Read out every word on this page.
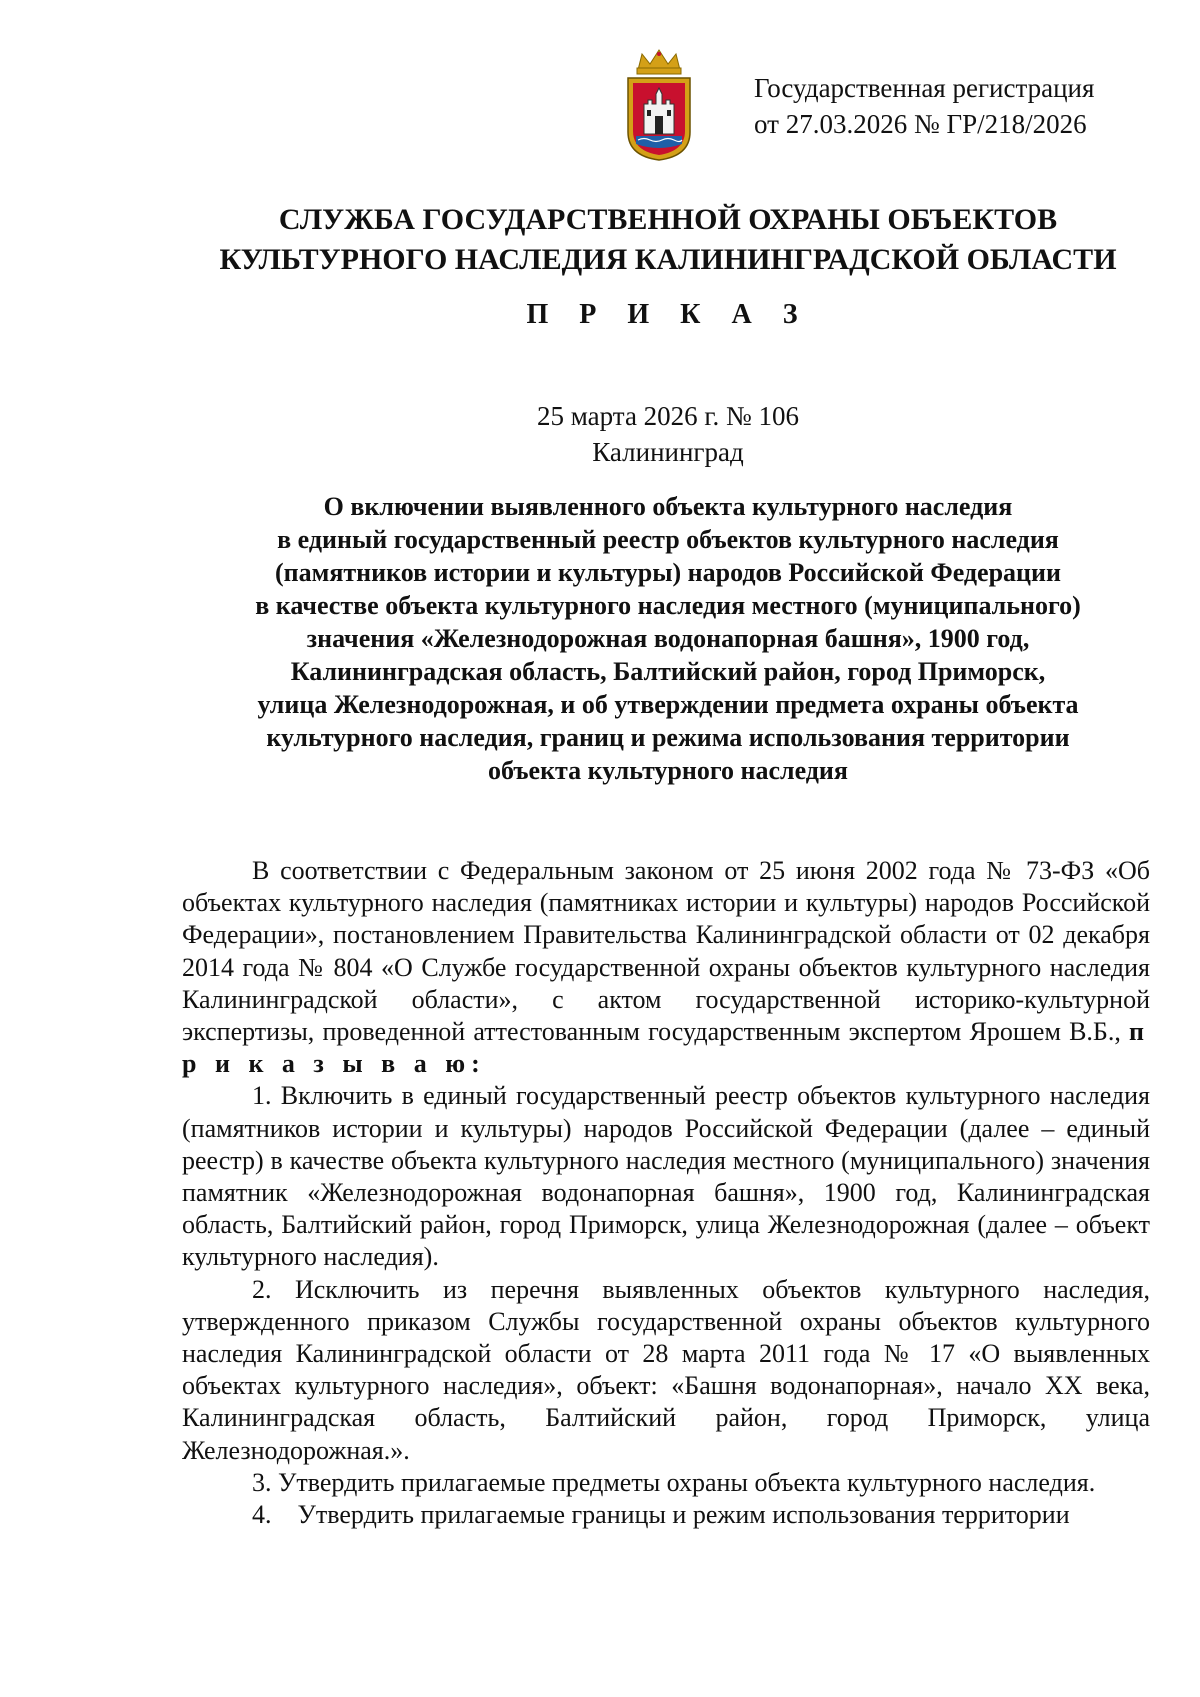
Государственная регистрация
от 27.03.2026 № ГР/218/2026
СЛУЖБА ГОСУДАРСТВЕННОЙ ОХРАНЫ ОБЪЕКТОВ
КУЛЬТУРНОГО НАСЛЕДИЯ КАЛИНИНГРАДСКОЙ ОБЛАСТИ
П Р И К А З
25 марта 2026 г. № 106
Калининград
О включении выявленного объекта культурного наследия
в единый государственный реестр объектов культурного наследия
(памятников истории и культуры) народов Российской Федерации
в качестве объекта культурного наследия местного (муниципального)
значения «Железнодорожная водонапорная башня», 1900 год,
Калининградская область, Балтийский район, город Приморск,
улица Железнодорожная, и об утверждении предмета охраны объекта
культурного наследия, границ и режима использования территории
объекта культурного наследия

В соответствии с Федеральным законом от 25 июня 2002 года № 73-ФЗ «Об объектах культурного наследия (памятниках истории и культуры) народов Российской Федерации», постановлением Правительства Калининградской области от 02 декабря 2014 года № 804 «О Службе государственной охраны объектов культурного наследия Калининградской области», с актом государственной историко-культурной экспертизы, проведенной аттестованным государственным экспертом Ярошем В.Б., п р и к а з ы в а ю:

1. Включить в единый государственный реестр объектов культурного наследия (памятников истории и культуры) народов Российской Федерации (далее – единый реестр) в качестве объекта культурного наследия местного (муниципального) значения памятник «Железнодорожная водонапорная башня», 1900 год, Калининградская область, Балтийский район, город Приморск, улица Железнодорожная (далее – объект культурного наследия).

2. Исключить из перечня выявленных объектов культурного наследия, утвержденного приказом Службы государственной охраны объектов культурного наследия Калининградской области от 28 марта 2011 года № 17 «О выявленных объектах культурного наследия», объект: «Башня водонапорная», начало XX века, Калининградская область, Балтийский район, город Приморск, улица Железнодорожная.».

3. Утвердить прилагаемые предметы охраны объекта культурного наследия.

4.    Утвердить прилагаемые границы и режим использования территории
